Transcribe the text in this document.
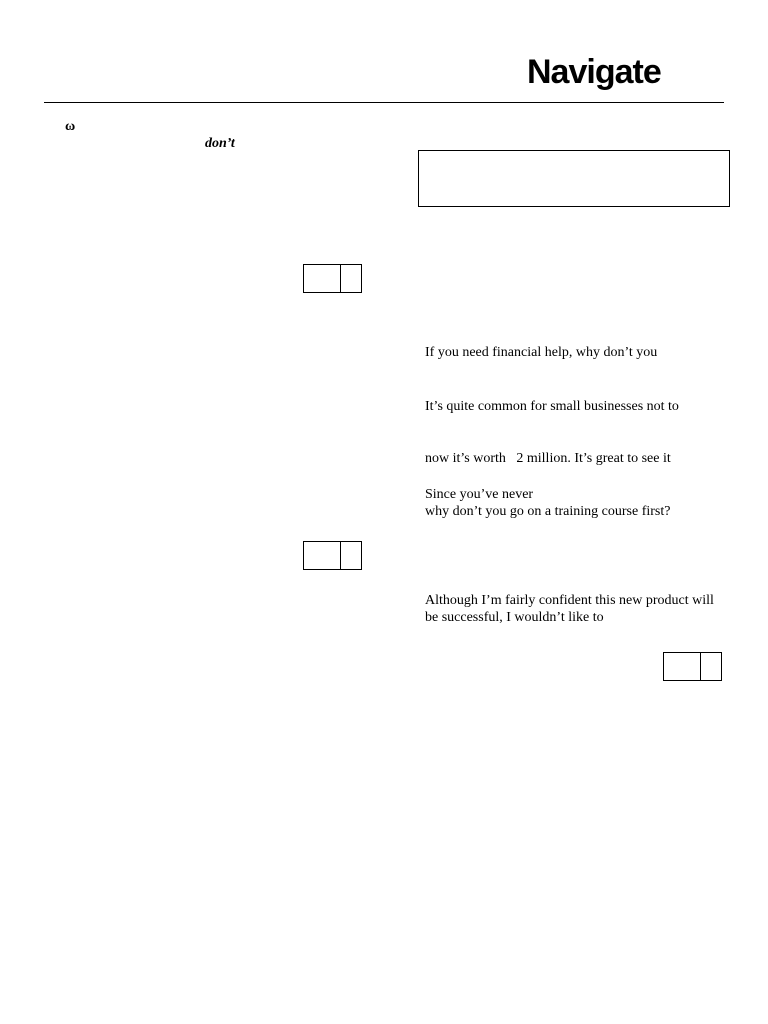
Navigate
ω
don’t
If you need financial help, why don’t you
It’s quite common for small businesses not to
now it’s worth   2 million. It’s great to see it
Since you’ve never
why don’t you go on a training course first?
Although I’m fairly confident this new product will
be successful, I wouldn’t like to
